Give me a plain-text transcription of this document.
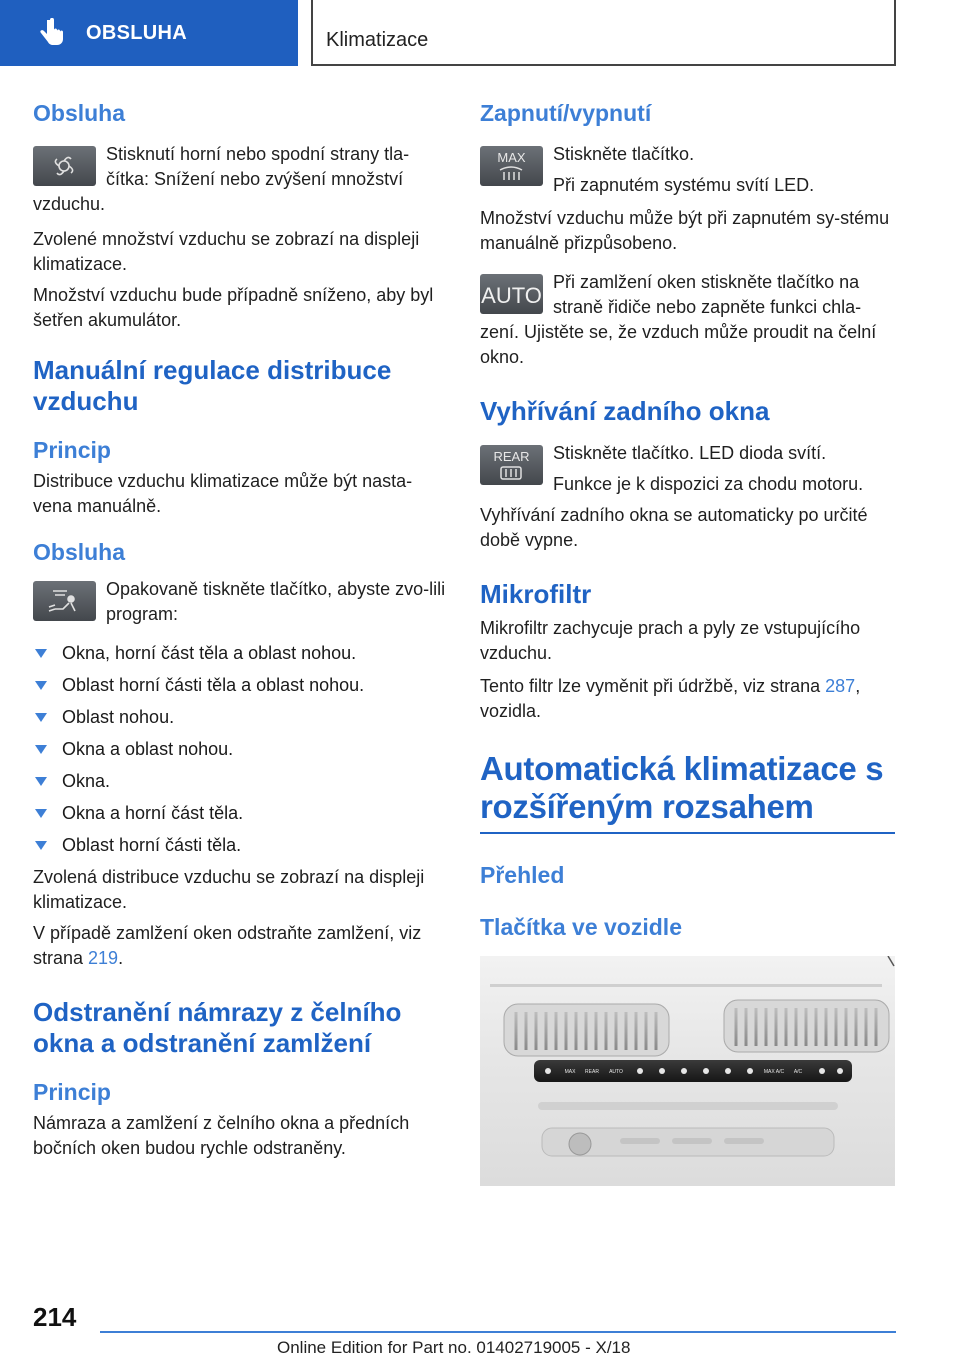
OBSLUHA	Klimatizace
Obsluha

Stisknutí horní nebo spodní strany tla-čítka: Snížení nebo zvýšení množství vzduchu.

Zvolené množství vzduchu se zobrazí na displeji klimatizace.

Množství vzduchu bude případně sníženo, aby byl šetřen akumulátor.

Manuální regulace distribuce vzduchu
Princip

Distribuce vzduchu klimatizace může být nasta-vena manuálně.

Obsluha

Opakovaně tiskněte tlačítko, abyste zvo-lili program:

Okna, horní část těla a oblast nohou.
Oblast horní části těla a oblast nohou.
Oblast nohou.
Okna a oblast nohou.
Okna.
Okna a horní část těla.
Oblast horní části těla.

Zvolená distribuce vzduchu se zobrazí na displeji klimatizace.

V případě zamlžení oken odstraňte zamlžení, viz strana 219.

Odstranění námrazy z čelního okna a odstranění zamlžení
Princip

Námraza a zamlžení z čelního okna a předních bočních oken budou rychle odstraněny.

Zapnutí/vypnutí
MAX	Stiskněte tlačítko.

Při zapnutém systému svítí LED.

Množství vzduchu může být při zapnutém sy-stému manuálně přizpůsobeno.

AUTO

Při zamlžení oken stiskněte tlačítko na straně řidiče nebo zapněte funkci chla-zení. Ujistěte se, že vzduch může proudit na čelní okno.

Vyhřívání zadního okna
REAR	Stiskněte tlačítko. LED dioda svítí.

Funkce je k dispozici za chodu motoru.

Vyhřívání zadního okna se automaticky po určité době vypne.

Mikrofiltr

Mikrofiltr zachycuje prach a pyly ze vstupujícího vzduchu.

Tento filtr lze vyměnit při údržbě, viz strana 287, vozidla.

Automatická klimatizace s rozšířeným rozsahem
Přehled
Tlačítka ve vozidle
MAX REAR AUTO	MAX A/C A/C
214
Online Edition for Part no. 01402719005 - X/18
